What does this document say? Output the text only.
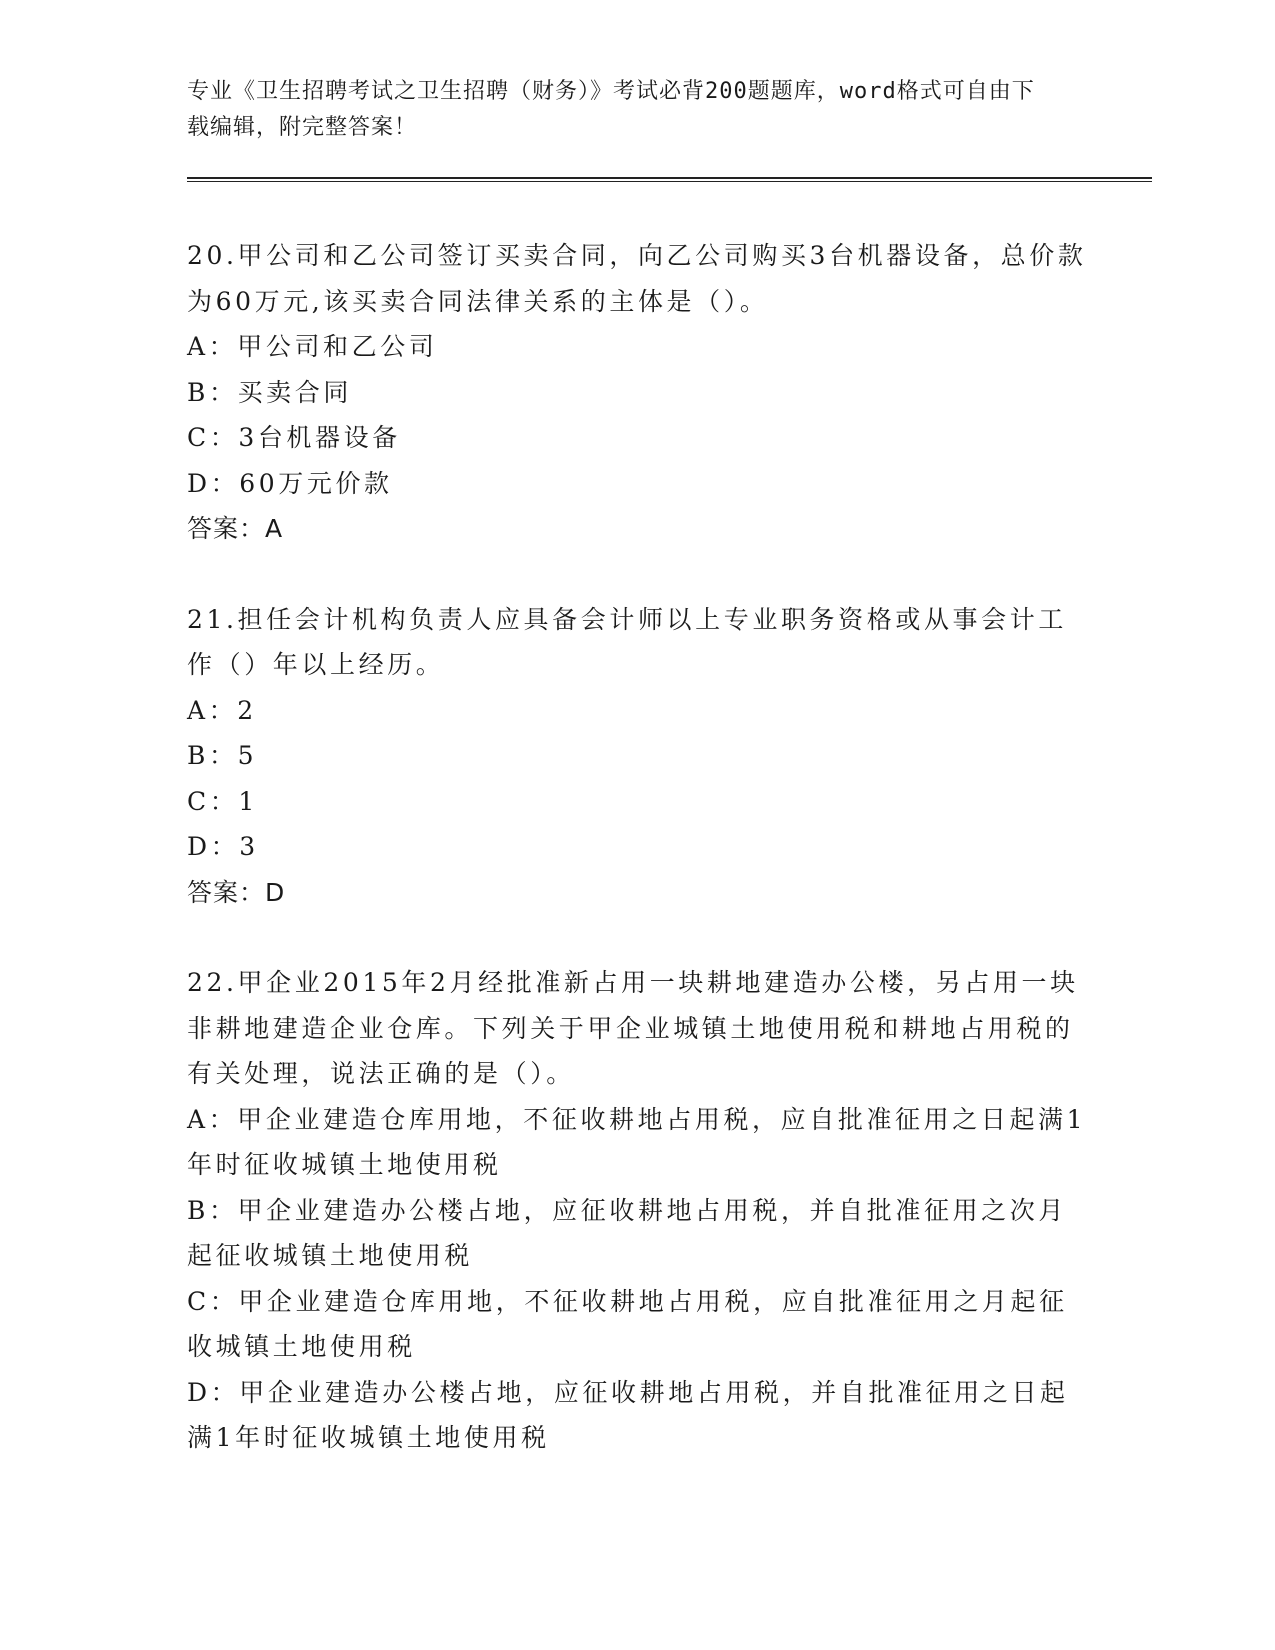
专业《卫生招聘考试之卫生招聘（财务）》考试必背200题题库，word格式可自由下载编辑，附完整答案！

20.甲公司和乙公司签订买卖合同，向乙公司购买3台机器设备，总价款为60万元,该买卖合同法律关系的主体是（）。

A：甲公司和乙公司

B：买卖合同

C：3台机器设备

D：60万元价款

答案：A

21.担任会计机构负责人应具备会计师以上专业职务资格或从事会计工作（）年以上经历。

A：2

B：5

C：1

D：3

答案：D

22.甲企业2015年2月经批准新占用一块耕地建造办公楼，另占用一块非耕地建造企业仓库。下列关于甲企业城镇土地使用税和耕地占用税的有关处理，说法正确的是（）。

A：甲企业建造仓库用地，不征收耕地占用税，应自批准征用之日起满1年时征收城镇土地使用税

B：甲企业建造办公楼占地，应征收耕地占用税，并自批准征用之次月起征收城镇土地使用税

C：甲企业建造仓库用地，不征收耕地占用税，应自批准征用之月起征收城镇土地使用税

D：甲企业建造办公楼占地，应征收耕地占用税，并自批准征用之日起满1年时征收城镇土地使用税
